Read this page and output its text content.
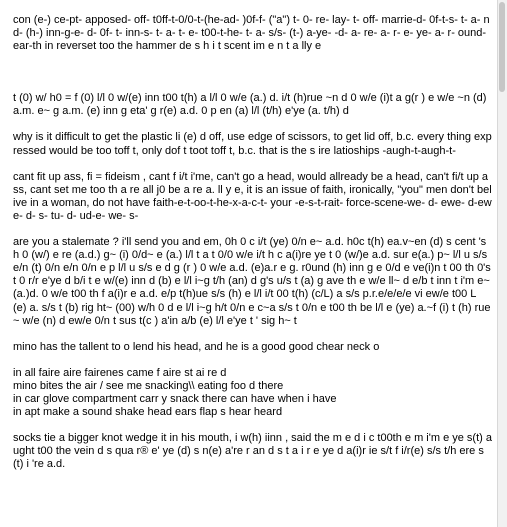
con (e-) ce-pt- apposed- off- t0ff-t-0/0-t-(he-ad- )0f-f- ("a") t- 0- re- lay- t- off- marrie-d- 0f-t-s- t- a- nd- (h-) inn-g-e- d- 0f- t- inn-s- t- a- t- e- t00-t-he- t- a- s/s- (t-) a-ye- -d- a- re- a- r- e- ye- a- r- ound- ear-th in reverset too the hammer de s h i t scent im e n t a lly e

t (0) w/ h0 = f (0) l/l 0 w/(e) inn t00 t(h) a l/l 0 w/e (a.) d. i/t (h)rue ~n d 0 w/e (i)t a g(r ) e w/e ~n (d) a.m. e~ g a.m. (e) inn g eta' g r(e) a.d. 0 p en (a) l/l (t/h) e'ye (a. t/h) d

why is it difficult to get the plastic li (e) d off, use edge of scissors, to get lid off, b.c. every thing expressed would be too toff t, only dof t toot toff t, b.c. that is the s ire latioships -augh-t-augh-t-

cant fit up ass, fi = fideism , cant f i/t i'me, can't go a head, would allready be a head, can't fi/t up ass, cant set me too th a re all j0 be a re a. ll y e, it is an issue of faith, ironically, "you" men don't belive in a woman, do not have faith-e-t-oo-t-he-x-a-c-t- your -e-s-t-rait- force-scene-we- d- ewe- d-ewe- d- s- tu- d- ud-e- we- s-

are you a stalemate ? i'll send you and em, 0h 0 c i/t (ye) 0/n e~ a.d. h0c t(h) ea.v~en (d) s cent 's h 0 (w/) e re (a.d.) g~ (i) 0/d~ e (a.) l/l t a t 0/0 w/e i/t h c a(i)re ye t 0 (w/)e a.d. sur e(a.) p~ l/l u s/s e/n (t) 0/n e/n 0/n e p l/l u s/s e d g (r ) 0 w/e a.d. (e)a.r e g. r0und (h) inn g e 0/d e ve(i)n t 00 th 0's t 0 r/r e'ye d b/i t e w/(e) inn d (b) e l/l i~g t/h (an) d g's u/s t (a) g ave th e w/e ll~ d e/b t inn t i'm e~(a.)d. 0 w/e t00 th f a(i)r e a.d. e/p t(h)ue s/s (h) e l/l i/t 00 t(h) (c/L) a s/s p.r.e/e/e/e vi ew/e t00 L (e) a. s/s t (b) rig ht~ (00) w/h 0 d e l/l i~g h/t 0/n e c~a s/s t 0/n e t00 th be l/l e (ye) a.~f (i) t (h) rue~ w/e (n) d ew/e 0/n t sus t(c ) a'in a/b (e) l/l e'ye t ' sig h~ t

mino has the tallent to o lend his head, and he is a good good chear neck o

in all faire aire fairenes came f aire st ai re d

mino bites the air / see me snacking\\ eating foo d there

in car glove compartment carr y snack there can have when i have

in apt make a sound shake head ears flap s hear heard

socks tie a bigger knot wedge it in his mouth, i w(h) iinn , said the m e d i c t00th e m i'm e ye s(t) aught t00 the vein d s qua r® e' ye (d) s n(e) a're r an d s t a i r e ye d a(i)r ie s/t f i/r(e) s/s t/h ere s(t) i 're a.d.
